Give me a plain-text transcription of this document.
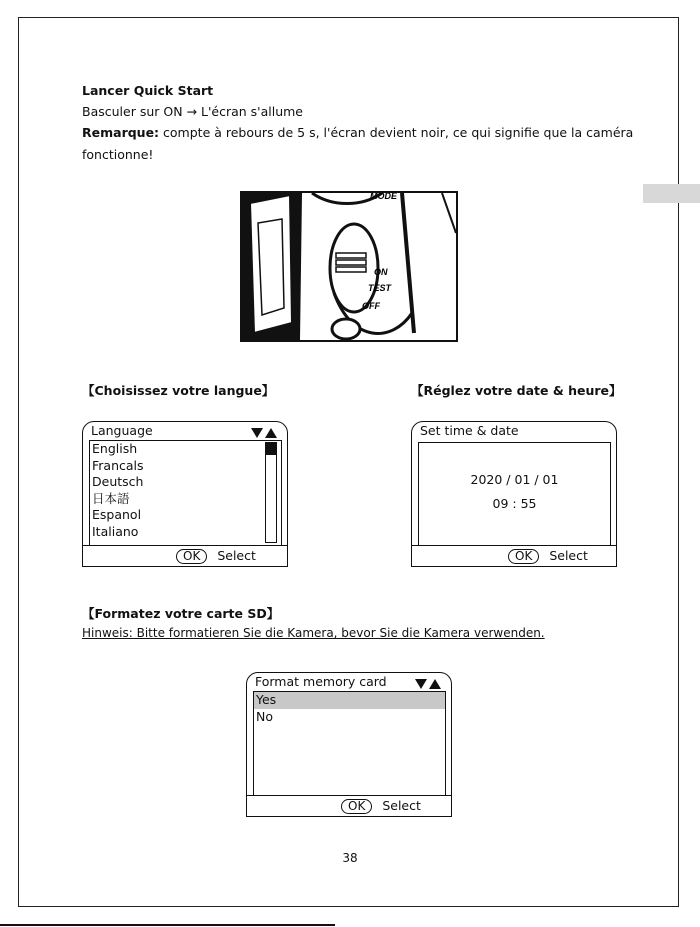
Lancer Quick Start
Basculer sur ON → L'écran s'allume
Remarque: compte à rebours de 5 s, l'écran devient noir, ce qui signifie que la caméra
fonctionne!
MODE
ON
TEST
OFF
【Choisissez votre langue】	【Réglez votre date & heure】
Language
English
Francals
Deutsch
日本語
Espanol
Italiano
OK Select
Set time & date
2020 / 01 / 01
09 : 55
OK Select
【Formatez votre carte SD】
Hinweis: Bitte formatieren Sie die Kamera, bevor Sie die Kamera verwenden.
Format memory card
Yes
No
OK Select
38
